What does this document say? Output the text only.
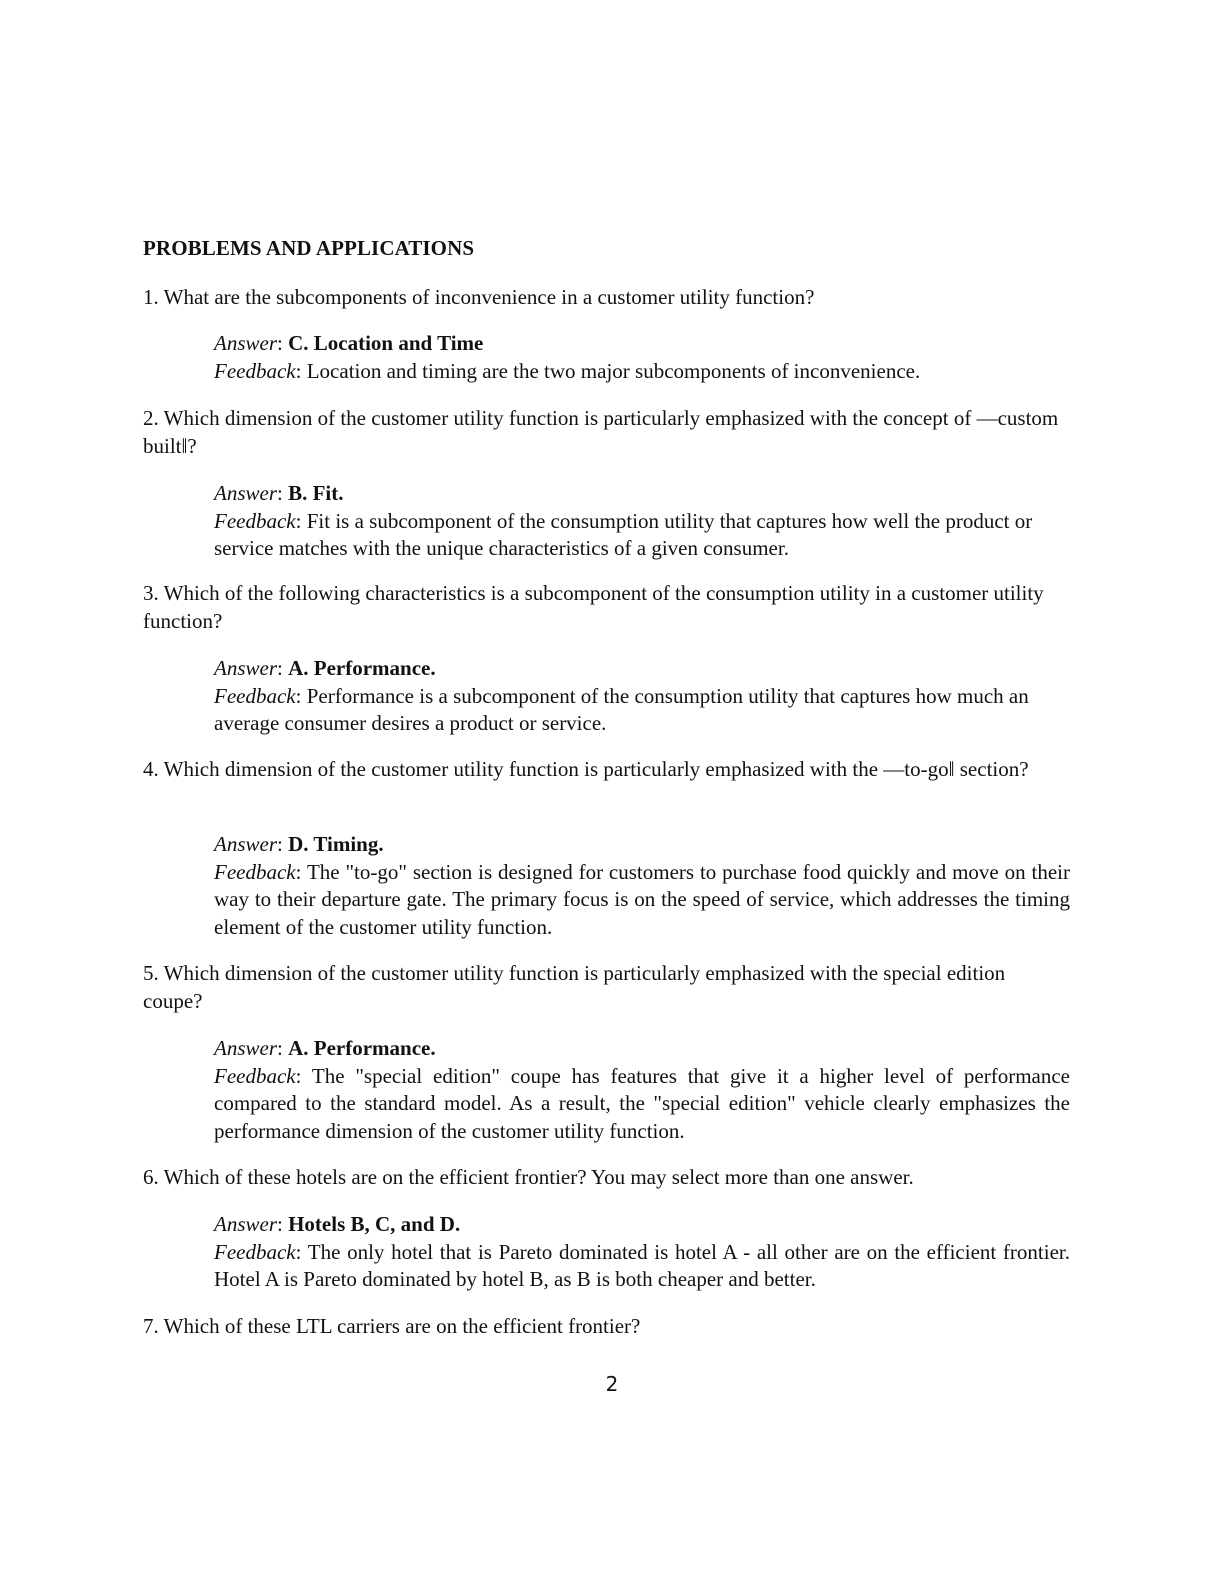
PROBLEMS AND APPLICATIONS
1. What are the subcomponents of inconvenience in a customer utility function?
Answer: C. Location and Time
Feedback: Location and timing are the two major subcomponents of inconvenience.
2. Which dimension of the customer utility function is particularly emphasized with the concept of —custom built‖?
Answer: B. Fit.
Feedback: Fit is a subcomponent of the consumption utility that captures how well the product or service matches with the unique characteristics of a given consumer.
3. Which of the following characteristics is a subcomponent of the consumption utility in a customer utility function?
Answer: A. Performance.
Feedback: Performance is a subcomponent of the consumption utility that captures how much an average consumer desires a product or service.
4. Which dimension of the customer utility function is particularly emphasized with the —to-go‖ section?
Answer: D. Timing.
Feedback: The "to-go" section is designed for customers to purchase food quickly and move on their way to their departure gate. The primary focus is on the speed of service, which addresses the timing element of the customer utility function.
5. Which dimension of the customer utility function is particularly emphasized with the special edition coupe?
Answer: A. Performance.
Feedback: The "special edition" coupe has features that give it a higher level of performance compared to the standard model. As a result, the "special edition" vehicle clearly emphasizes the performance dimension of the customer utility function.
6. Which of these hotels are on the efficient frontier? You may select more than one answer.
Answer: Hotels B, C, and D.
Feedback: The only hotel that is Pareto dominated is hotel A - all other are on the efficient frontier. Hotel A is Pareto dominated by hotel B, as B is both cheaper and better.
7. Which of these LTL carriers are on the efficient frontier?
2
